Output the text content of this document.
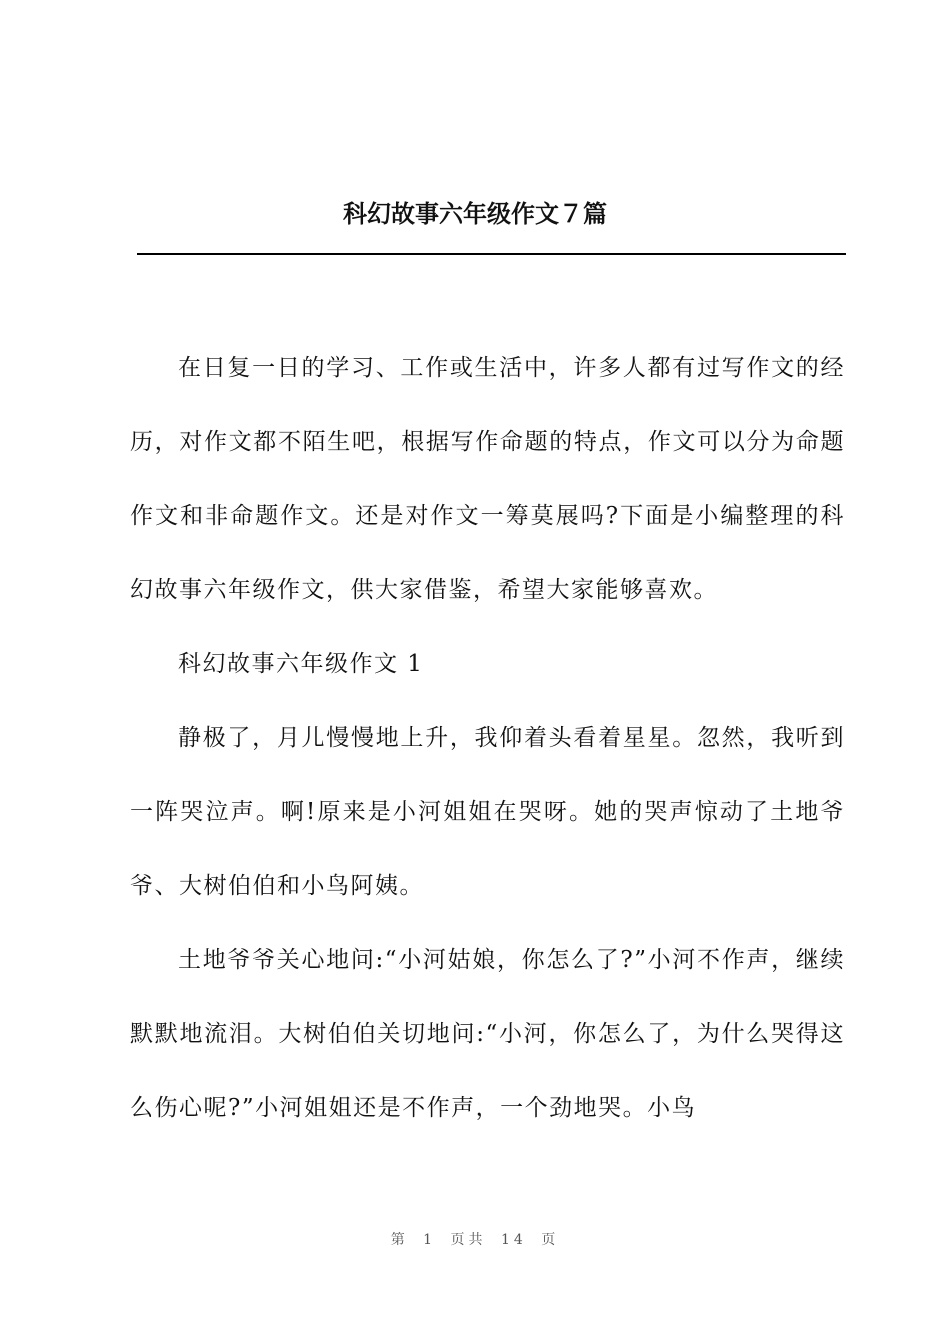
科幻故事六年级作文７篇

在日复一日的学习、工作或生活中，许多人都有过写作文的经历，对作文都不陌生吧，根据写作命题的特点，作文可以分为命题作文和非命题作文。还是对作文一筹莫展吗?下面是小编整理的科幻故事六年级作文，供大家借鉴，希望大家能够喜欢。

科幻故事六年级作文 1

静极了，月儿慢慢地上升，我仰着头看着星星。忽然，我听到一阵哭泣声。啊!原来是小河姐姐在哭呀。她的哭声惊动了土地爷爷、大树伯伯和小鸟阿姨。

土地爷爷关心地问:“小河姑娘，你怎么了?”小河不作声，继续默默地流泪。大树伯伯关切地问:“小河，你怎么了，为什么哭得这么伤心呢?”小河姐姐还是不作声，一个劲地哭。小鸟

第 1 页共 14 页
